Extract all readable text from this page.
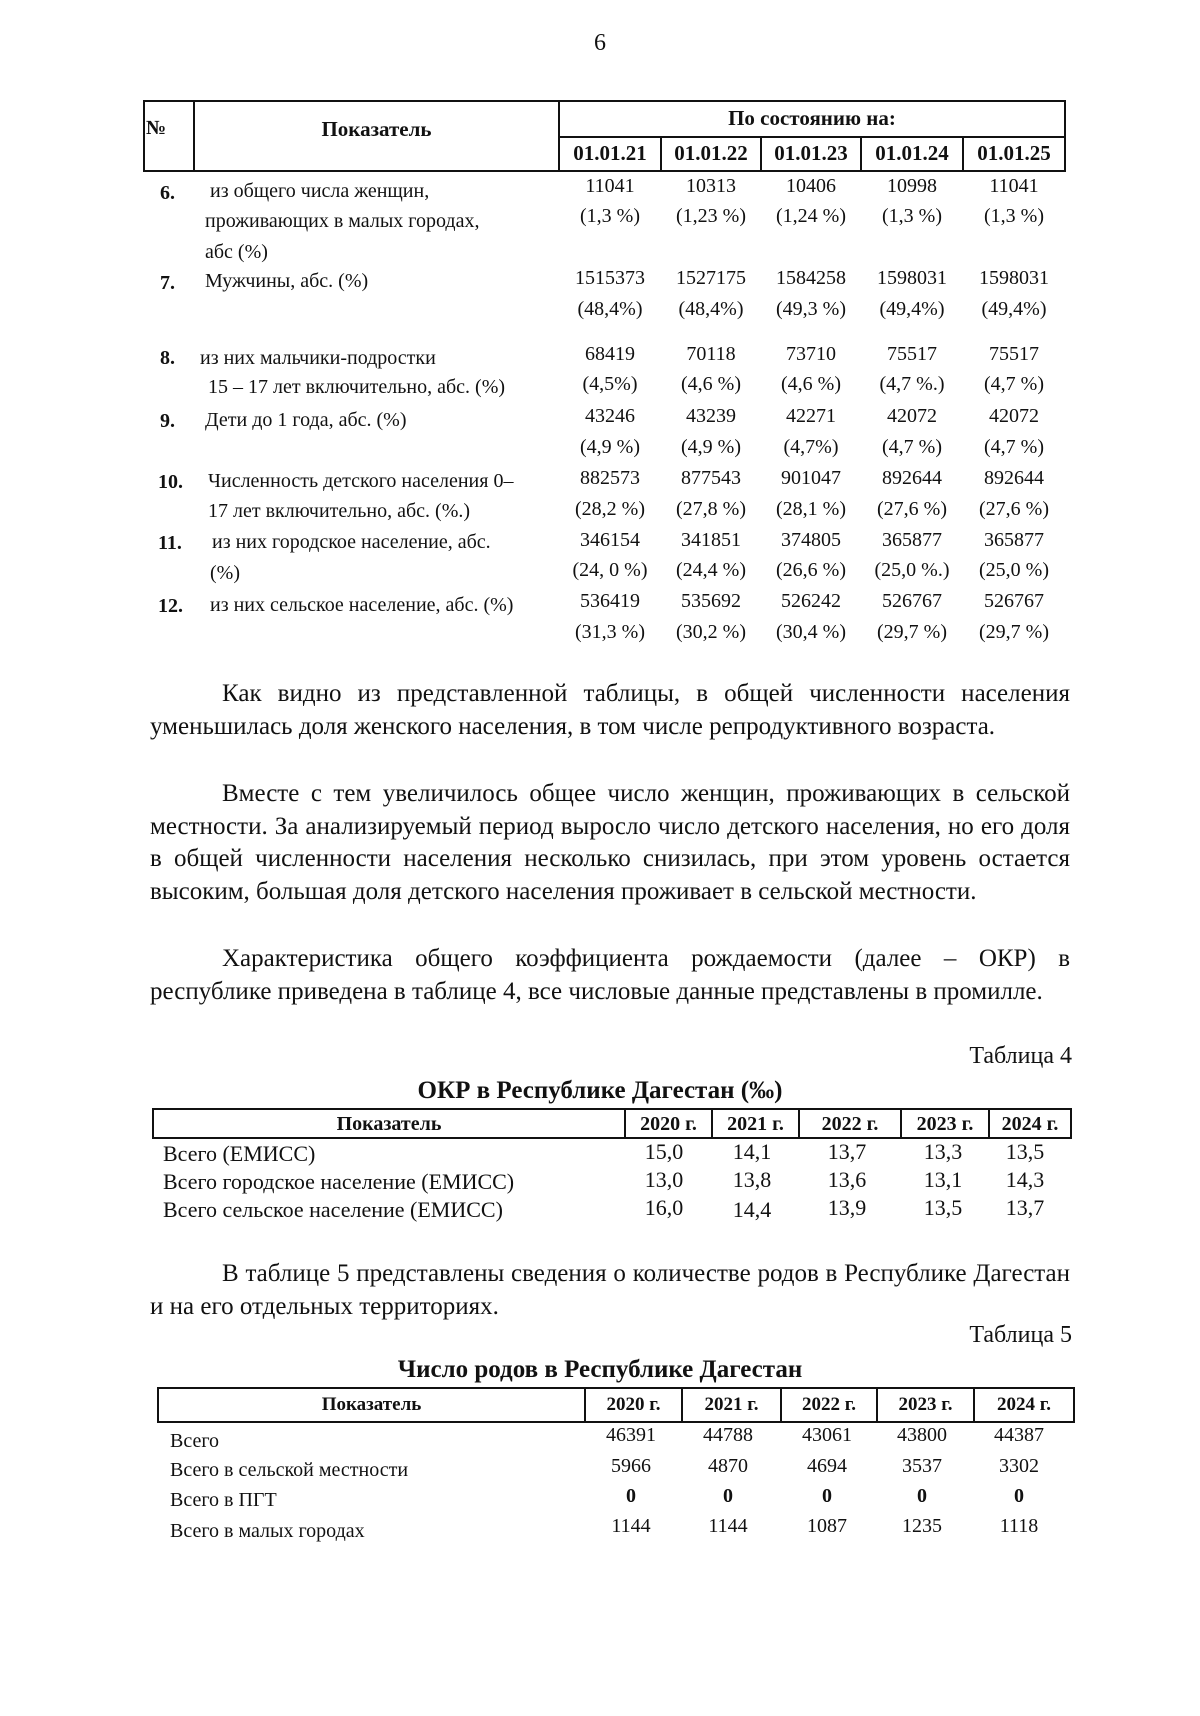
6
№	Показатель	По состоянию на:
01.01.21	01.01.22	01.01.23	01.01.24	01.01.25
6. из общего числа женщин,
проживающих в малых городах,
абс (%)
11041	10313	10406	10998	11041
(1,3 %)	(1,23 %)	(1,24 %)	(1,3 %)	(1,3 %)
7. Мужчины, абс. (%)	1515373	1527175	1584258	1598031	1598031
(48,4%)	(48,4%)	(49,3 %)	(49,4%)	(49,4%)
8. из них мальчики-подростки
15 – 17 лет включительно, абс. (%)
68419	70118	73710	75517	75517
(4,5%)	(4,6 %)	(4,6 %)	(4,7 %.)	(4,7 %)
9. Дети до 1 года, абс. (%)	43246	43239	42271	42072	42072
(4,9 %)	(4,9 %)	(4,7%)	(4,7 %)	(4,7 %)
10. Численность детского населения 0–
17 лет включительно, абс. (%.)
882573	877543	901047	892644	892644
(28,2 %)	(27,8 %)	(28,1 %)	(27,6 %)	(27,6 %)
11. из них городское население, абс.
(%)
346154	341851	374805	365877	365877
(24, 0 %)	(24,4 %)	(26,6 %)	(25,0 %.)	(25,0 %)
12. из них сельское население, абс. (%)	536419	535692	526242	526767	526767
(31,3 %)	(30,2 %)	(30,4 %)	(29,7 %)	(29,7 %)

Как видно из представленной таблицы, в общей численности населения уменьшилась доля женского населения, в том числе репродуктивного возраста.

Вместе с тем увеличилось общее число женщин, проживающих в сельской местности. За анализируемый период выросло число детского населения, но его доля в общей численности населения несколько снизилась, при этом уровень остается высоким, большая доля детского населения проживает в сельской местности.

Характеристика общего коэффициента рождаемости (далее – ОКР) в республике приведена в таблице 4, все числовые данные представлены в промилле.

Таблица 4
ОКР в Республике Дагестан (‰)
Показатель	2020 г.	2021 г.	2022 г.	2023 г.	2024 г.
Всего (ЕМИСС)	15,0	14,1	13,7	13,3	13,5
Всего городское население (ЕМИСС)	13,0	13,8	13,6	13,1	14,3
Всего сельское население (ЕМИСС)	16,0	14,4	13,9	13,5	13,7

В таблице 5 представлены сведения о количестве родов в Республике Дагестан и на его отдельных территориях.

Таблица 5
Число родов в Республике Дагестан
Показатель	2020 г.	2021 г.	2022 г.	2023 г.	2024 г.
Всего	46391	44788	43061	43800	44387
Всего в сельской местности	5966	4870	4694	3537	3302
Всего в ПГТ	0	0	0	0	0
Всего в малых городах	1144	1144	1087	1235	1118
